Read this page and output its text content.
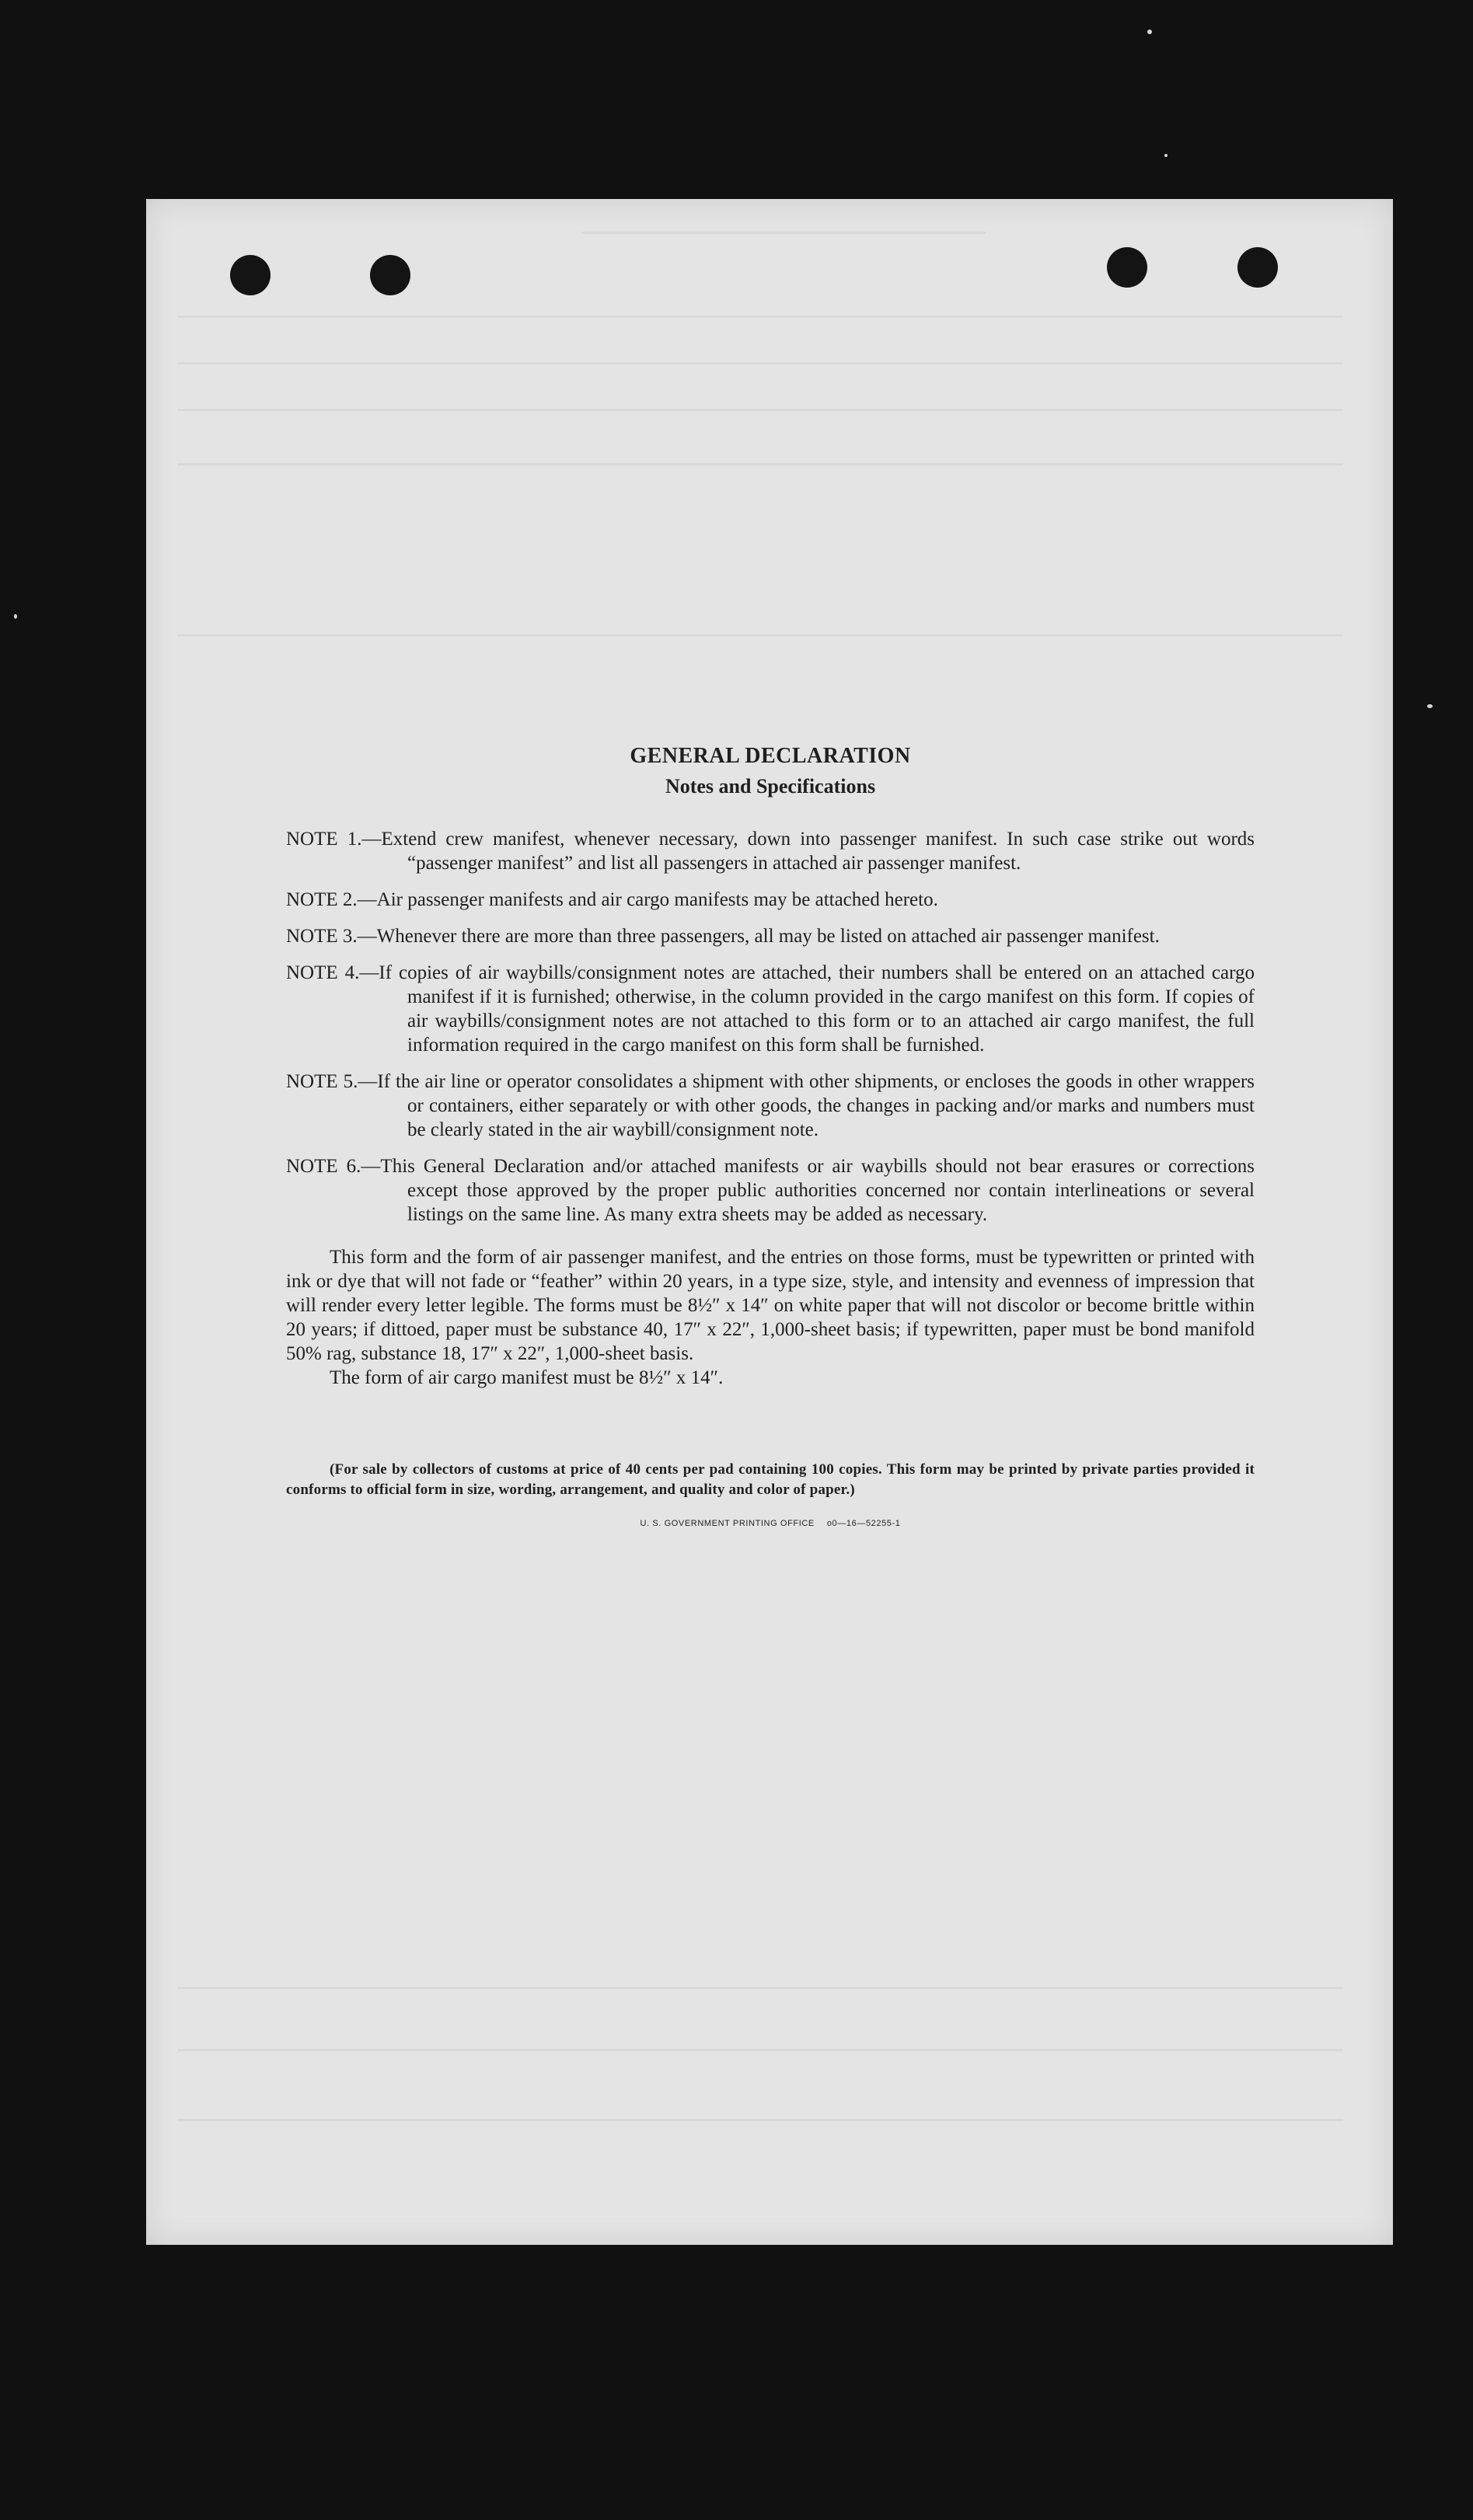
GENERAL DECLARATION
Notes and Specifications
NOTE 1.—Extend crew manifest, whenever necessary, down into passenger manifest. In such case strike out words “passenger manifest” and list all passengers in attached air passenger manifest.
NOTE 2.—Air passenger manifests and air cargo manifests may be attached hereto.
NOTE 3.—Whenever there are more than three passengers, all may be listed on attached air passenger manifest.
NOTE 4.—If copies of air waybills/consignment notes are attached, their numbers shall be entered on an attached cargo manifest if it is furnished; otherwise, in the column provided in the cargo manifest on this form. If copies of air waybills/consignment notes are not attached to this form or to an attached air cargo manifest, the full information required in the cargo manifest on this form shall be furnished.
NOTE 5.—If the air line or operator consolidates a shipment with other shipments, or encloses the goods in other wrappers or containers, either separately or with other goods, the changes in packing and/or marks and numbers must be clearly stated in the air waybill/consignment note.
NOTE 6.—This General Declaration and/or attached manifests or air waybills should not bear erasures or corrections except those approved by the proper public authorities concerned nor contain interlineations or several listings on the same line. As many extra sheets may be added as necessary.

This form and the form of air passenger manifest, and the entries on those forms, must be typewritten or printed with ink or dye that will not fade or “feather” within 20 years, in a type size, style, and intensity and evenness of impression that will render every letter legible. The forms must be 8½″ x 14″ on white paper that will not discolor or become brittle within 20 years; if dittoed, paper must be substance 40, 17″ x 22″, 1,000-sheet basis; if typewritten, paper must be bond manifold 50% rag, substance 18, 17″ x 22″, 1,000-sheet basis.

The form of air cargo manifest must be 8½″ x 14″.

(For sale by collectors of customs at price of 40 cents per pad containing 100 copies. This form may be printed by private parties provided it conforms to official form in size, wording, arrangement, and quality and color of paper.)

U. S. GOVERNMENT PRINTING OFFICE o0—16—52255-1
